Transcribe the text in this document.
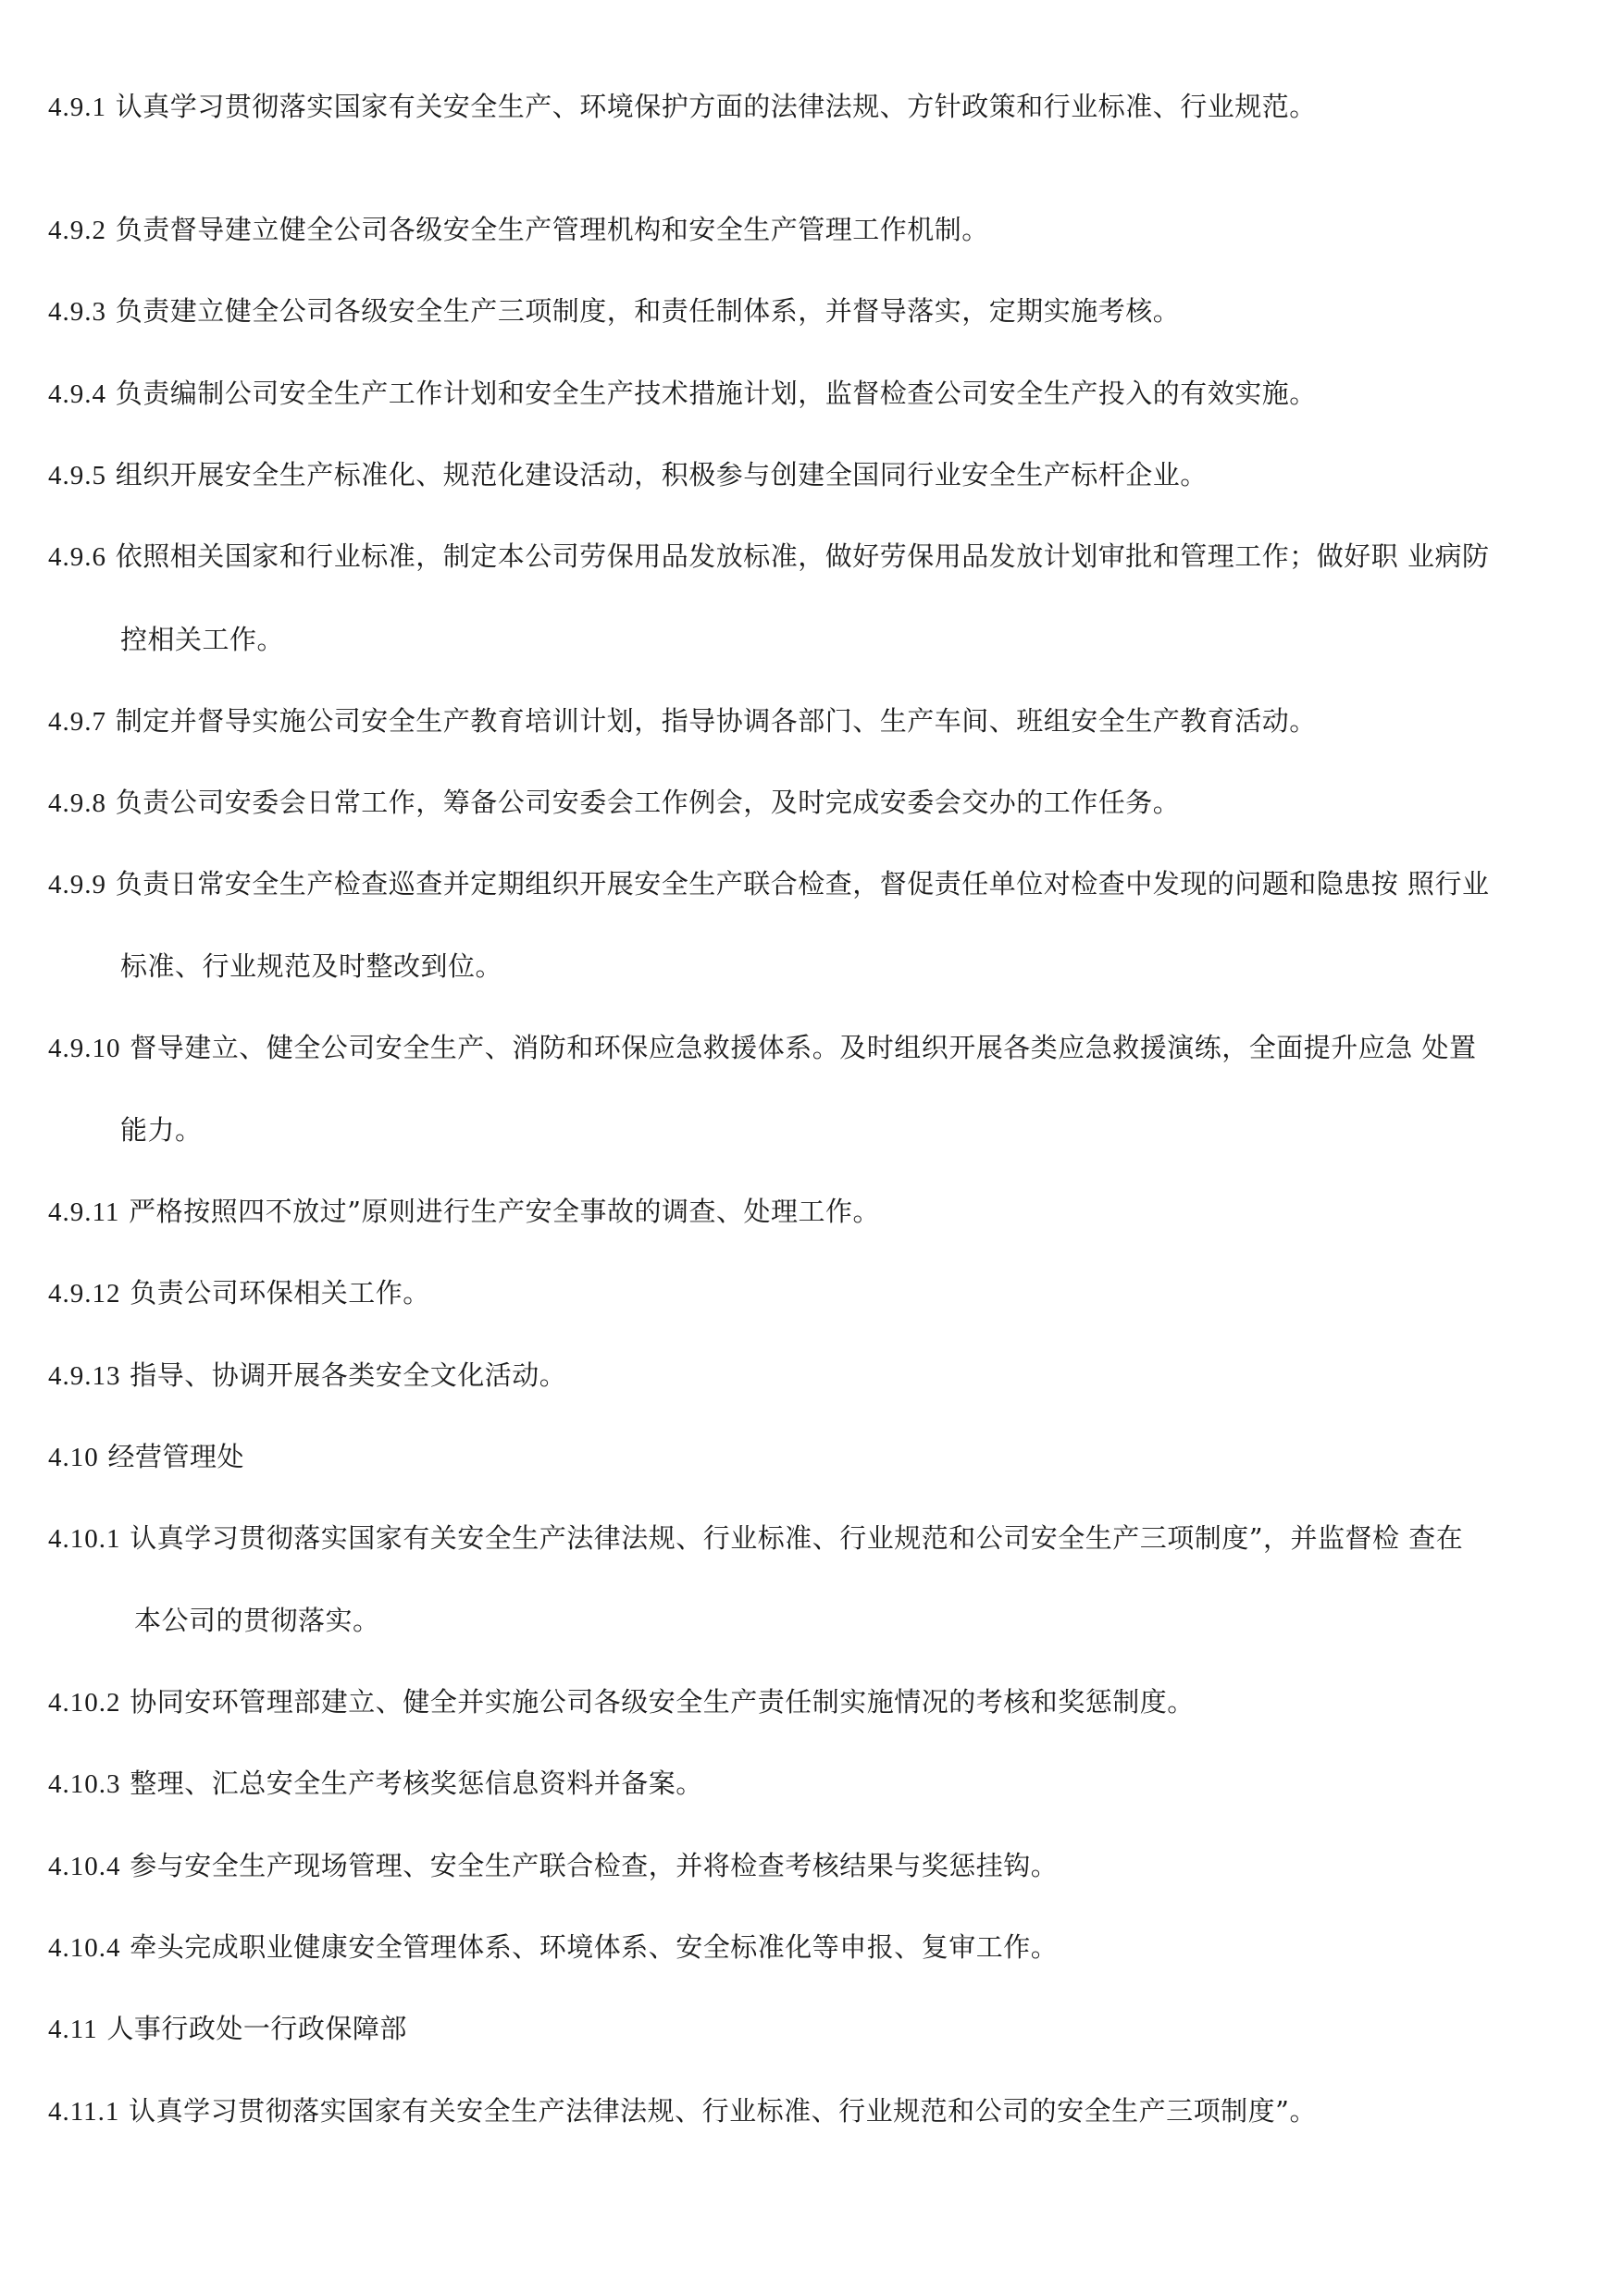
4.9.1 认真学习贯彻落实国家有关安全生产、环境保护方面的法律法规、方针政策和行业标准、行业规范。
4.9.2 负责督导建立健全公司各级安全生产管理机构和安全生产管理工作机制。
4.9.3 负责建立健全公司各级安全生产三项制度，和责任制体系，并督导落实，定期实施考核。
4.9.4 负责编制公司安全生产工作计划和安全生产技术措施计划，监督检查公司安全生产投入的有效实施。
4.9.5 组织开展安全生产标准化、规范化建设活动，积极参与创建全国同行业安全生产标杆企业。
4.9.6 依照相关国家和行业标准，制定本公司劳保用品发放标准，做好劳保用品发放计划审批和管理工作；做好职 业病防
控相关工作。
4.9.7 制定并督导实施公司安全生产教育培训计划，指导协调各部门、生产车间、班组安全生产教育活动。
4.9.8 负责公司安委会日常工作，筹备公司安委会工作例会，及时完成安委会交办的工作任务。
4.9.9 负责日常安全生产检查巡查并定期组织开展安全生产联合检查，督促责任单位对检查中发现的问题和隐患按 照行业
标准、行业规范及时整改到位。
4.9.10 督导建立、健全公司安全生产、消防和环保应急救援体系。及时组织开展各类应急救援演练，全面提升应急 处置
能力。
4.9.11 严格按照四不放过”原则进行生产安全事故的调查、处理工作。
4.9.12 负责公司环保相关工作。
4.9.13 指导、协调开展各类安全文化活动。
4.10 经营管理处
4.10.1 认真学习贯彻落实国家有关安全生产法律法规、行业标准、行业规范和公司安全生产三项制度”，并监督检 查在
本公司的贯彻落实。
4.10.2 协同安环管理部建立、健全并实施公司各级安全生产责任制实施情况的考核和奖惩制度。
4.10.3 整理、汇总安全生产考核奖惩信息资料并备案。
4.10.4 参与安全生产现场管理、安全生产联合检查，并将检查考核结果与奖惩挂钩。
4.10.4 牵头完成职业健康安全管理体系、环境体系、安全标准化等申报、复审工作。
4.11 人事行政处一行政保障部
4.11.1 认真学习贯彻落实国家有关安全生产法律法规、行业标准、行业规范和公司的安全生产三项制度”。
